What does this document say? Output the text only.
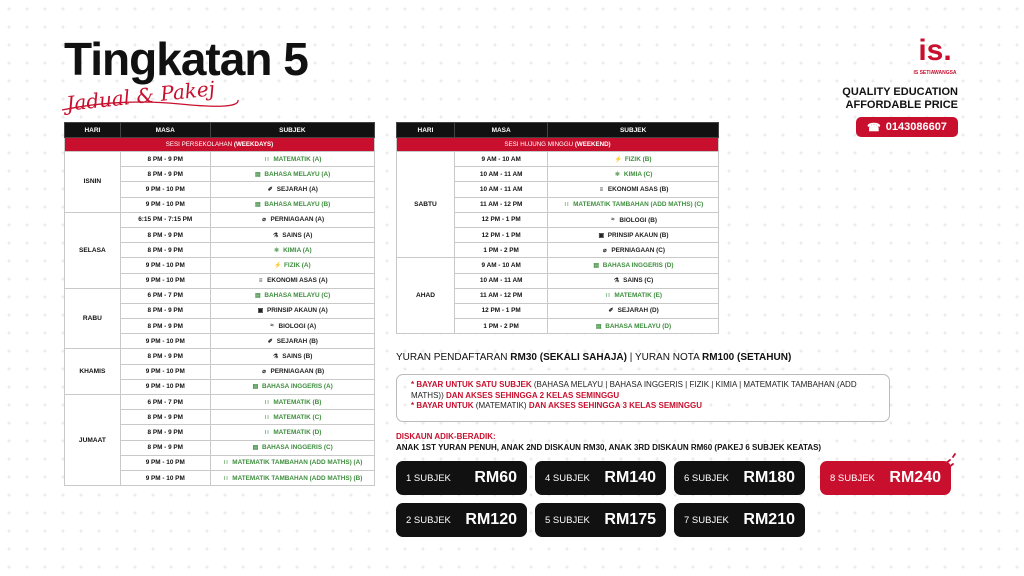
Tingkatan 5
Jadual & Pakej
is.
IS SETIAWANGSA
QUALITY EDUCATION
AFFORDABLE PRICE
☎ 0143086607
HARI	MASA	SUBJEK
SESI PERSEKOLAHAN (WEEKDAYS)		
ISNIN	8 PM - 9 PM	∷ MATEMATIK (A)

	8 PM - 9 PM	▤ BAHASA MELAYU (A)

	9 PM - 10 PM	✐ SEJARAH (A)

	9 PM - 10 PM	▤ BAHASA MELAYU (B)

SELASA	6:15 PM - 7:15 PM	⌀ PERNIAGAAN (A)

	8 PM - 9 PM	⚗ SAINS (A)

	8 PM - 9 PM	⚛ KIMIA (A)

	9 PM - 10 PM	⚡ FIZIK (A)

	9 PM - 10 PM	≡ EKONOMI ASAS (A)

RABU	6 PM - 7 PM	▤ BAHASA MELAYU (C)

	8 PM - 9 PM	▣ PRINSIP AKAUN (A)

	8 PM - 9 PM	≈ BIOLOGI (A)

	9 PM - 10 PM	✐ SEJARAH (B)

KHAMIS	8 PM - 9 PM	⚗ SAINS (B)

	9 PM - 10 PM	⌀ PERNIAGAAN (B)

	9 PM - 10 PM	▤ BAHASA INGGERIS (A)

JUMAAT	6 PM - 7 PM	∷ MATEMATIK (B)

	8 PM - 9 PM	∷ MATEMATIK (C)

	8 PM - 9 PM	∷ MATEMATIK (D)

	8 PM - 9 PM	▤ BAHASA INGGERIS (C)

	9 PM - 10 PM	∷ MATEMATIK TAMBAHAN (ADD MATHS) (A)

	9 PM - 10 PM	∷ MATEMATIK TAMBAHAN (ADD MATHS) (B)
HARI	MASA	SUBJEK
SESI HUJUNG MINGGU (WEEKEND)		
SABTU	9 AM - 10 AM	⚡ FIZIK (B)

	10 AM - 11 AM	⚛ KIMIA (C)

	10 AM - 11 AM	≡ EKONOMI ASAS (B)

	11 AM - 12 PM	∷ MATEMATIK TAMBAHAN (ADD MATHS) (C)

	12 PM - 1 PM	≈ BIOLOGI (B)

	12 PM - 1 PM	▣ PRINSIP AKAUN (B)

	1 PM - 2 PM	⌀ PERNIAGAAN (C)

AHAD	9 AM - 10 AM	▤ BAHASA INGGERIS (D)

	10 AM - 11 AM	⚗ SAINS (C)

	11 AM - 12 PM	∷ MATEMATIK (E)

	12 PM - 1 PM	✐ SEJARAH (D)

	1 PM - 2 PM	▤ BAHASA MELAYU (D)
YURAN PENDAFTARAN RM30 (SEKALI SAHAJA) | YURAN NOTA RM100 (SETAHUN)
* BAYAR UNTUK SATU SUBJEK (BAHASA MELAYU | BAHASA INGGERIS | FIZIK | KIMIA | MATEMATIK TAMBAHAN (ADD MATHS)) DAN AKSES SEHINGGA 2 KELAS SEMINGGU
* BAYAR UNTUK (MATEMATIK) DAN AKSES SEHINGGA 3 KELAS SEMINGGU
DISKAUN ADIK-BERADIK:
ANAK 1ST YURAN PENUH, ANAK 2ND DISKAUN RM30, ANAK 3RD DISKAUN RM60 (PAKEJ 6 SUBJEK KEATAS)
1 SUBJEK RM60	4 SUBJEK RM140	6 SUBJEK RM180	8 SUBJEK RM240
2 SUBJEK RM120	5 SUBJEK RM175	7 SUBJEK RM210
